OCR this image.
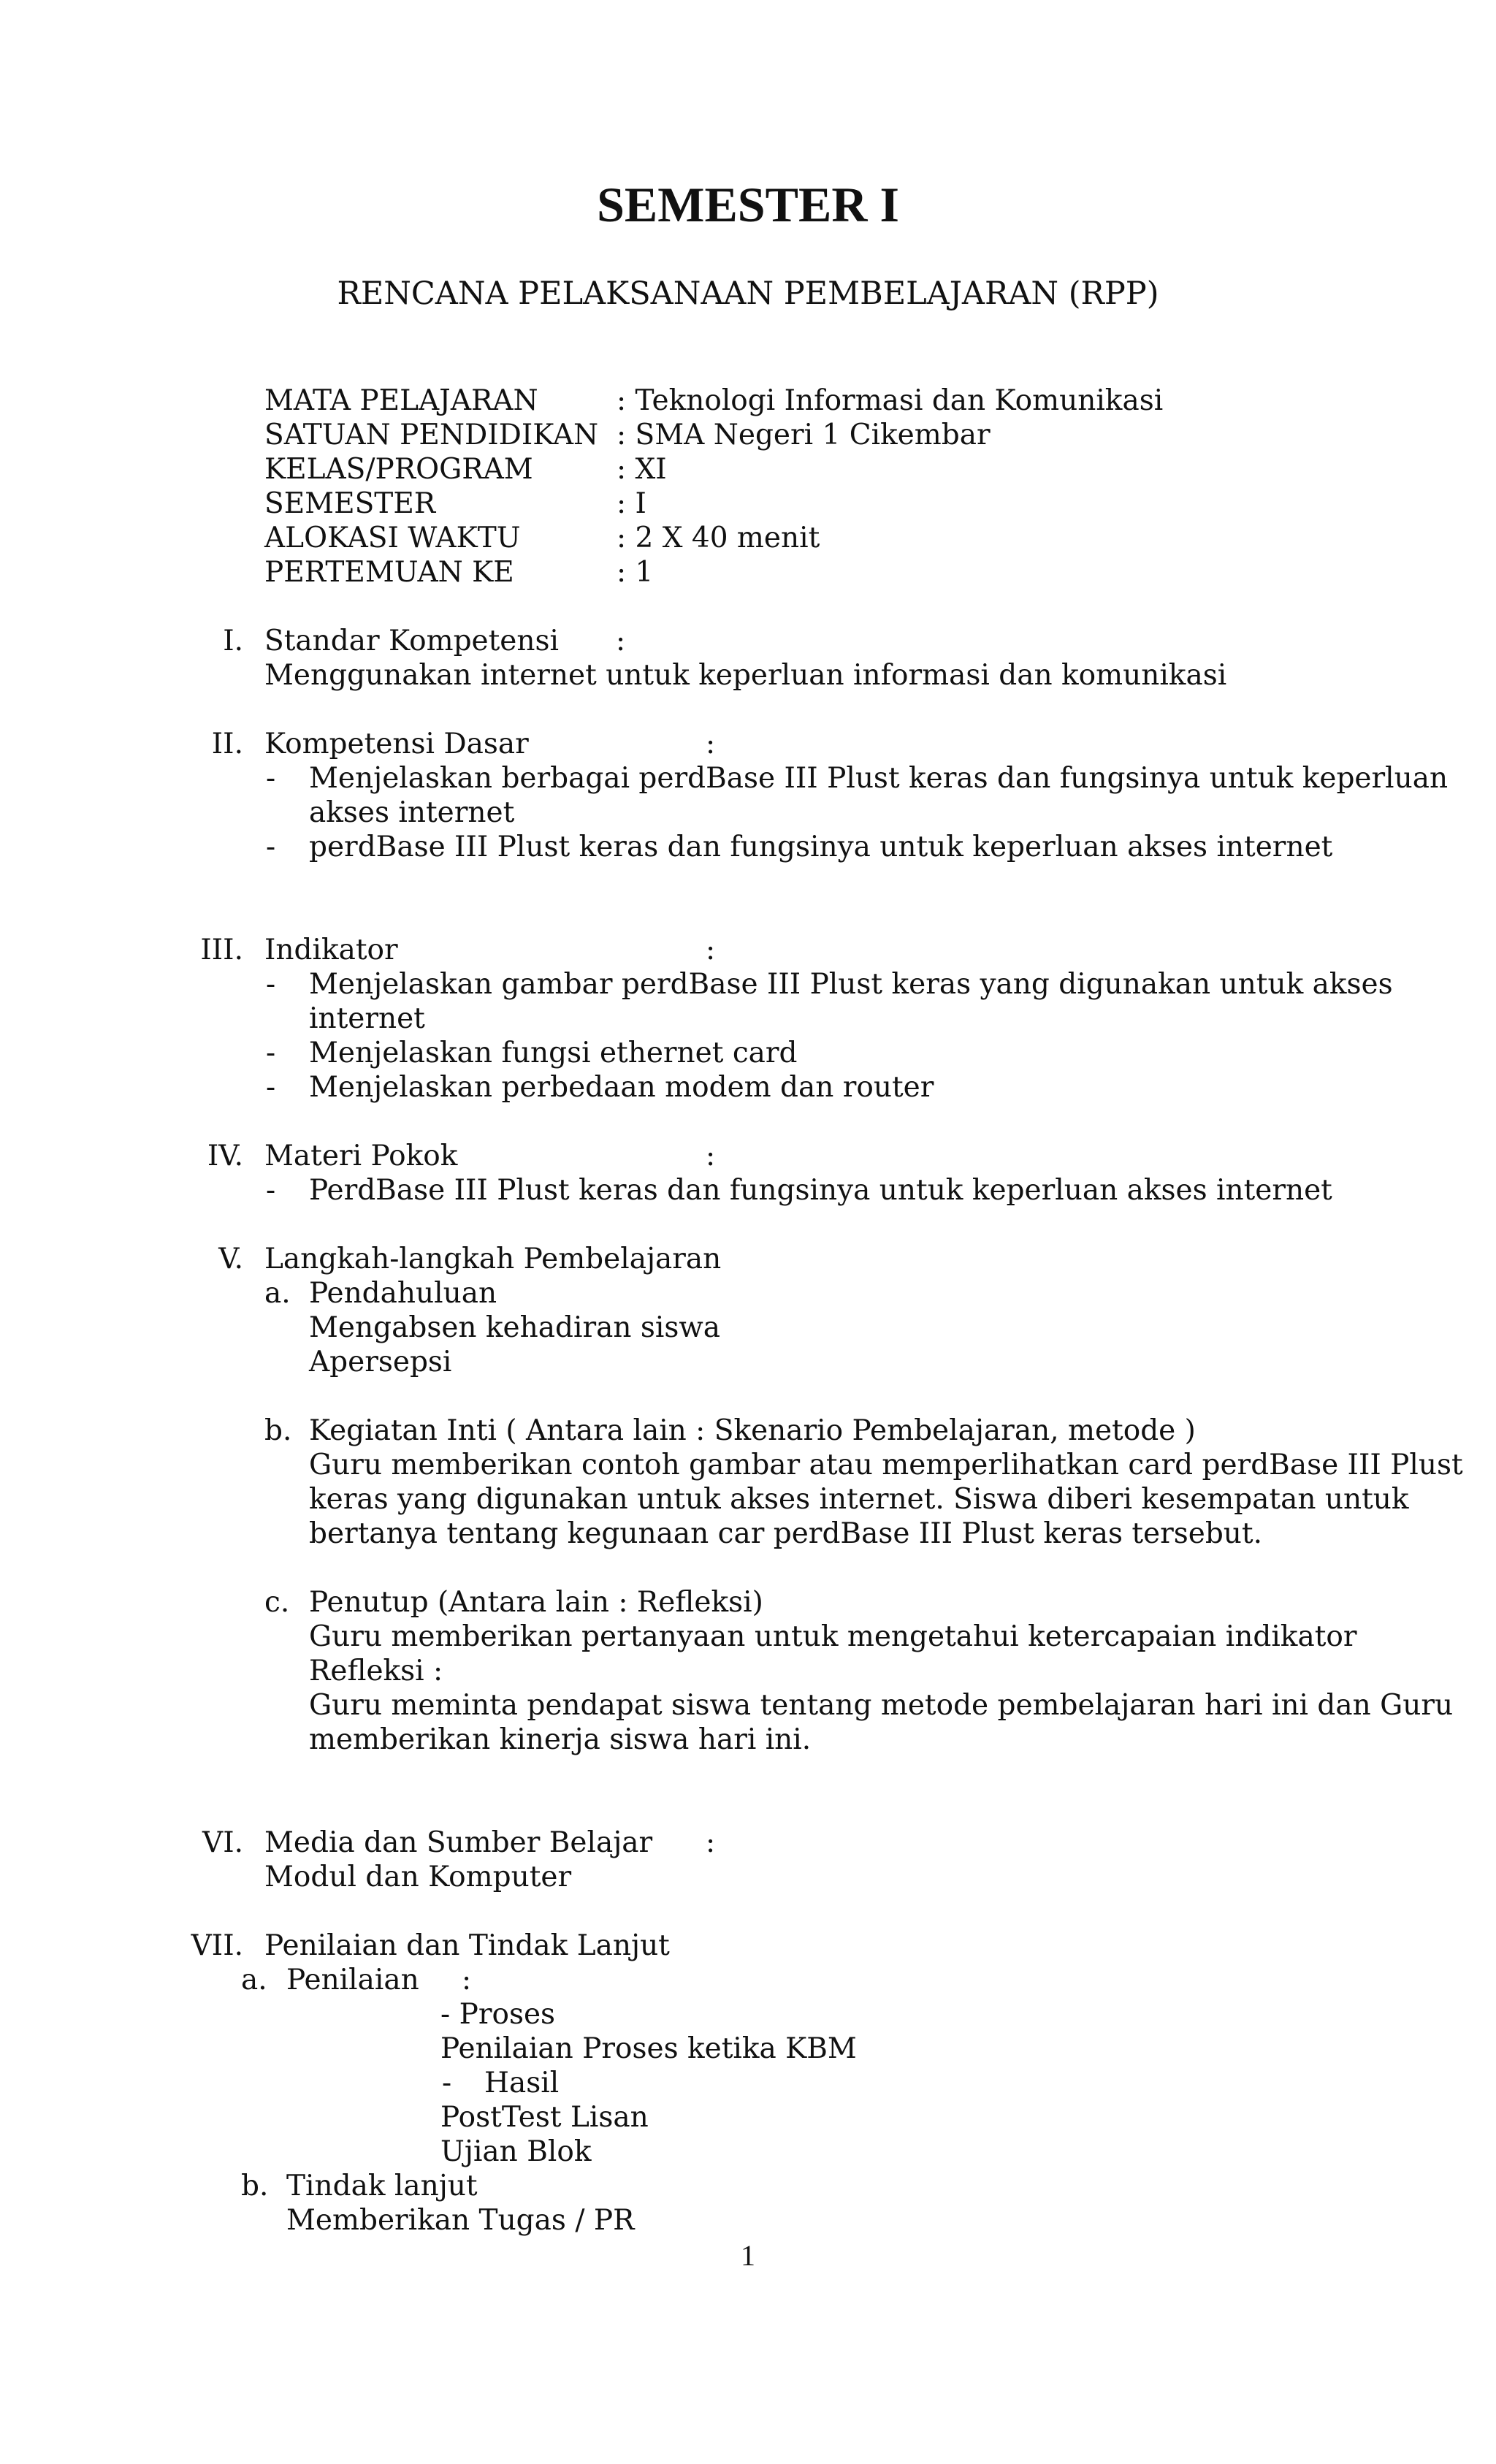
SEMESTER I
RENCANA PELAKSANAAN PEMBELAJARAN (RPP)
MATA PELAJARAN	: Teknologi Informasi dan Komunikasi
SATUAN PENDIDIKAN : SMA Negeri 1 Cikembar
KELAS/PROGRAM	: XI
SEMESTER	: I
ALOKASI WAKTU	: 2 X 40 menit
PERTEMUAN KE	: 1
I. Standar Kompetensi :
Menggunakan internet untuk keperluan informasi dan komunikasi
II. Kompetensi Dasar	:
- Menjelaskan berbagai perdBase III Plust keras dan fungsinya untuk keperluan
akses internet
- perdBase III Plust keras dan fungsinya untuk keperluan akses internet
III. Indikator	:
- Menjelaskan gambar perdBase III Plust keras yang digunakan untuk akses
internet
- Menjelaskan fungsi ethernet card
- Menjelaskan perbedaan modem dan router
IV. Materi Pokok	:
- PerdBase III Plust keras dan fungsinya untuk keperluan akses internet
V. Langkah-langkah Pembelajaran
a. Pendahuluan
Mengabsen kehadiran siswa
Apersepsi
b. Kegiatan Inti ( Antara lain : Skenario Pembelajaran, metode )
Guru memberikan contoh gambar atau memperlihatkan card perdBase III Plust
keras yang digunakan untuk akses internet. Siswa diberi kesempatan untuk
bertanya tentang kegunaan car perdBase III Plust keras tersebut.
c. Penutup (Antara lain : Refleksi)
Guru memberikan pertanyaan untuk mengetahui ketercapaian indikator
Refleksi :
Guru meminta pendapat siswa tentang metode pembelajaran hari ini dan Guru
memberikan kinerja siswa hari ini.
VI. Media dan Sumber Belajar :
Modul dan Komputer
VII. Penilaian dan Tindak Lanjut
a. Penilaian :
- Proses
Penilaian Proses ketika KBM
- Hasil
PostTest Lisan
Ujian Blok
b. Tindak lanjut
Memberikan Tugas / PR
1
